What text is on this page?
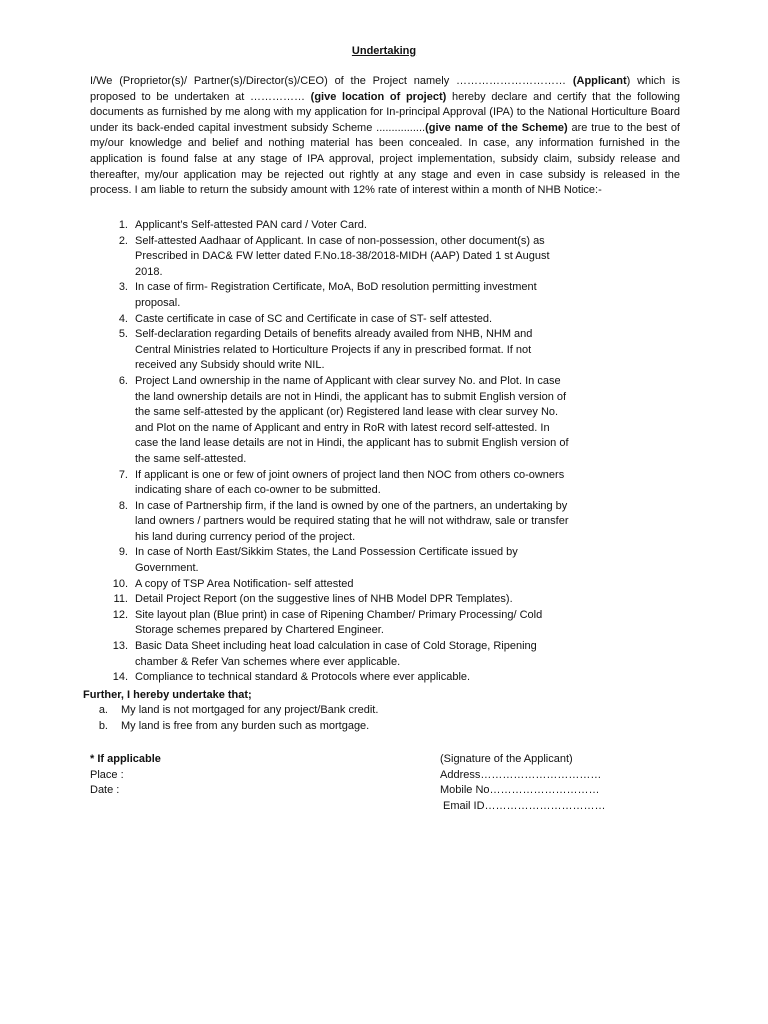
Undertaking

I/We (Proprietor(s)/ Partner(s)/Director(s)/CEO) of the Project namely ………………………… (Applicant) which is proposed to be undertaken at …………… (give location of project) hereby declare and certify that the following documents as furnished by me along with my application for In-principal Approval (IPA) to the National Horticulture Board under its back-ended capital investment subsidy Scheme ................(give name of the Scheme) are true to the best of my/our knowledge and belief and nothing material has been concealed. In case, any information furnished in the application is found false at any stage of IPA approval, project implementation, subsidy claim, subsidy release and thereafter, my/our application may be rejected out rightly at any stage and even in case subsidy is released in the process. I am liable to return the subsidy amount with 12% rate of interest within a month of NHB Notice:-

1. Applicant’s Self-attested PAN card / Voter Card.
2. Self-attested Aadhaar of Applicant. In case of non-possession, other document(s) as Prescribed in DAC& FW letter dated F.No.18-38/2018-MIDH (AAP) Dated 1 st August 2018.
3. In case of firm- Registration Certificate, MoA, BoD resolution permitting investment proposal.
4. Caste certificate in case of SC and Certificate in case of ST- self attested.
5. Self-declaration regarding Details of benefits already availed from NHB, NHM and Central Ministries related to Horticulture Projects if any in prescribed format. If not received any Subsidy should write NIL.
6. Project Land ownership in the name of Applicant with clear survey No. and Plot. In case the land ownership details are not in Hindi, the applicant has to submit English version of the same self-attested by the applicant (or) Registered land lease with clear survey No. and Plot on the name of Applicant and entry in RoR with latest record self-attested. In case the land lease details are not in Hindi, the applicant has to submit English version of the same self-attested.
7. If applicant is one or few of joint owners of project land then NOC from others co-owners indicating share of each co-owner to be submitted.
8. In case of Partnership firm, if the land is owned by one of the partners, an undertaking by land owners / partners would be required stating that he will not withdraw, sale or transfer his land during currency period of the project.
9. In case of North East/Sikkim States, the Land Possession Certificate issued by Government.
10. A copy of TSP Area Notification- self attested
11. Detail Project Report (on the suggestive lines of NHB Model DPR Templates).
12. Site layout plan (Blue print) in case of Ripening Chamber/ Primary Processing/ Cold Storage schemes prepared by Chartered Engineer.
13. Basic Data Sheet including heat load calculation in case of Cold Storage, Ripening chamber & Refer Van schemes where ever applicable.
14. Compliance to technical standard & Protocols where ever applicable.

Further, I hereby undertake that;

a. My land is not mortgaged for any project/Bank credit.
b. My land is free from any burden such as mortgage.
* If applicable
Place :
Date :
(Signature of the Applicant)
Address……………………………
Mobile No…………………………
Email ID……………………………
